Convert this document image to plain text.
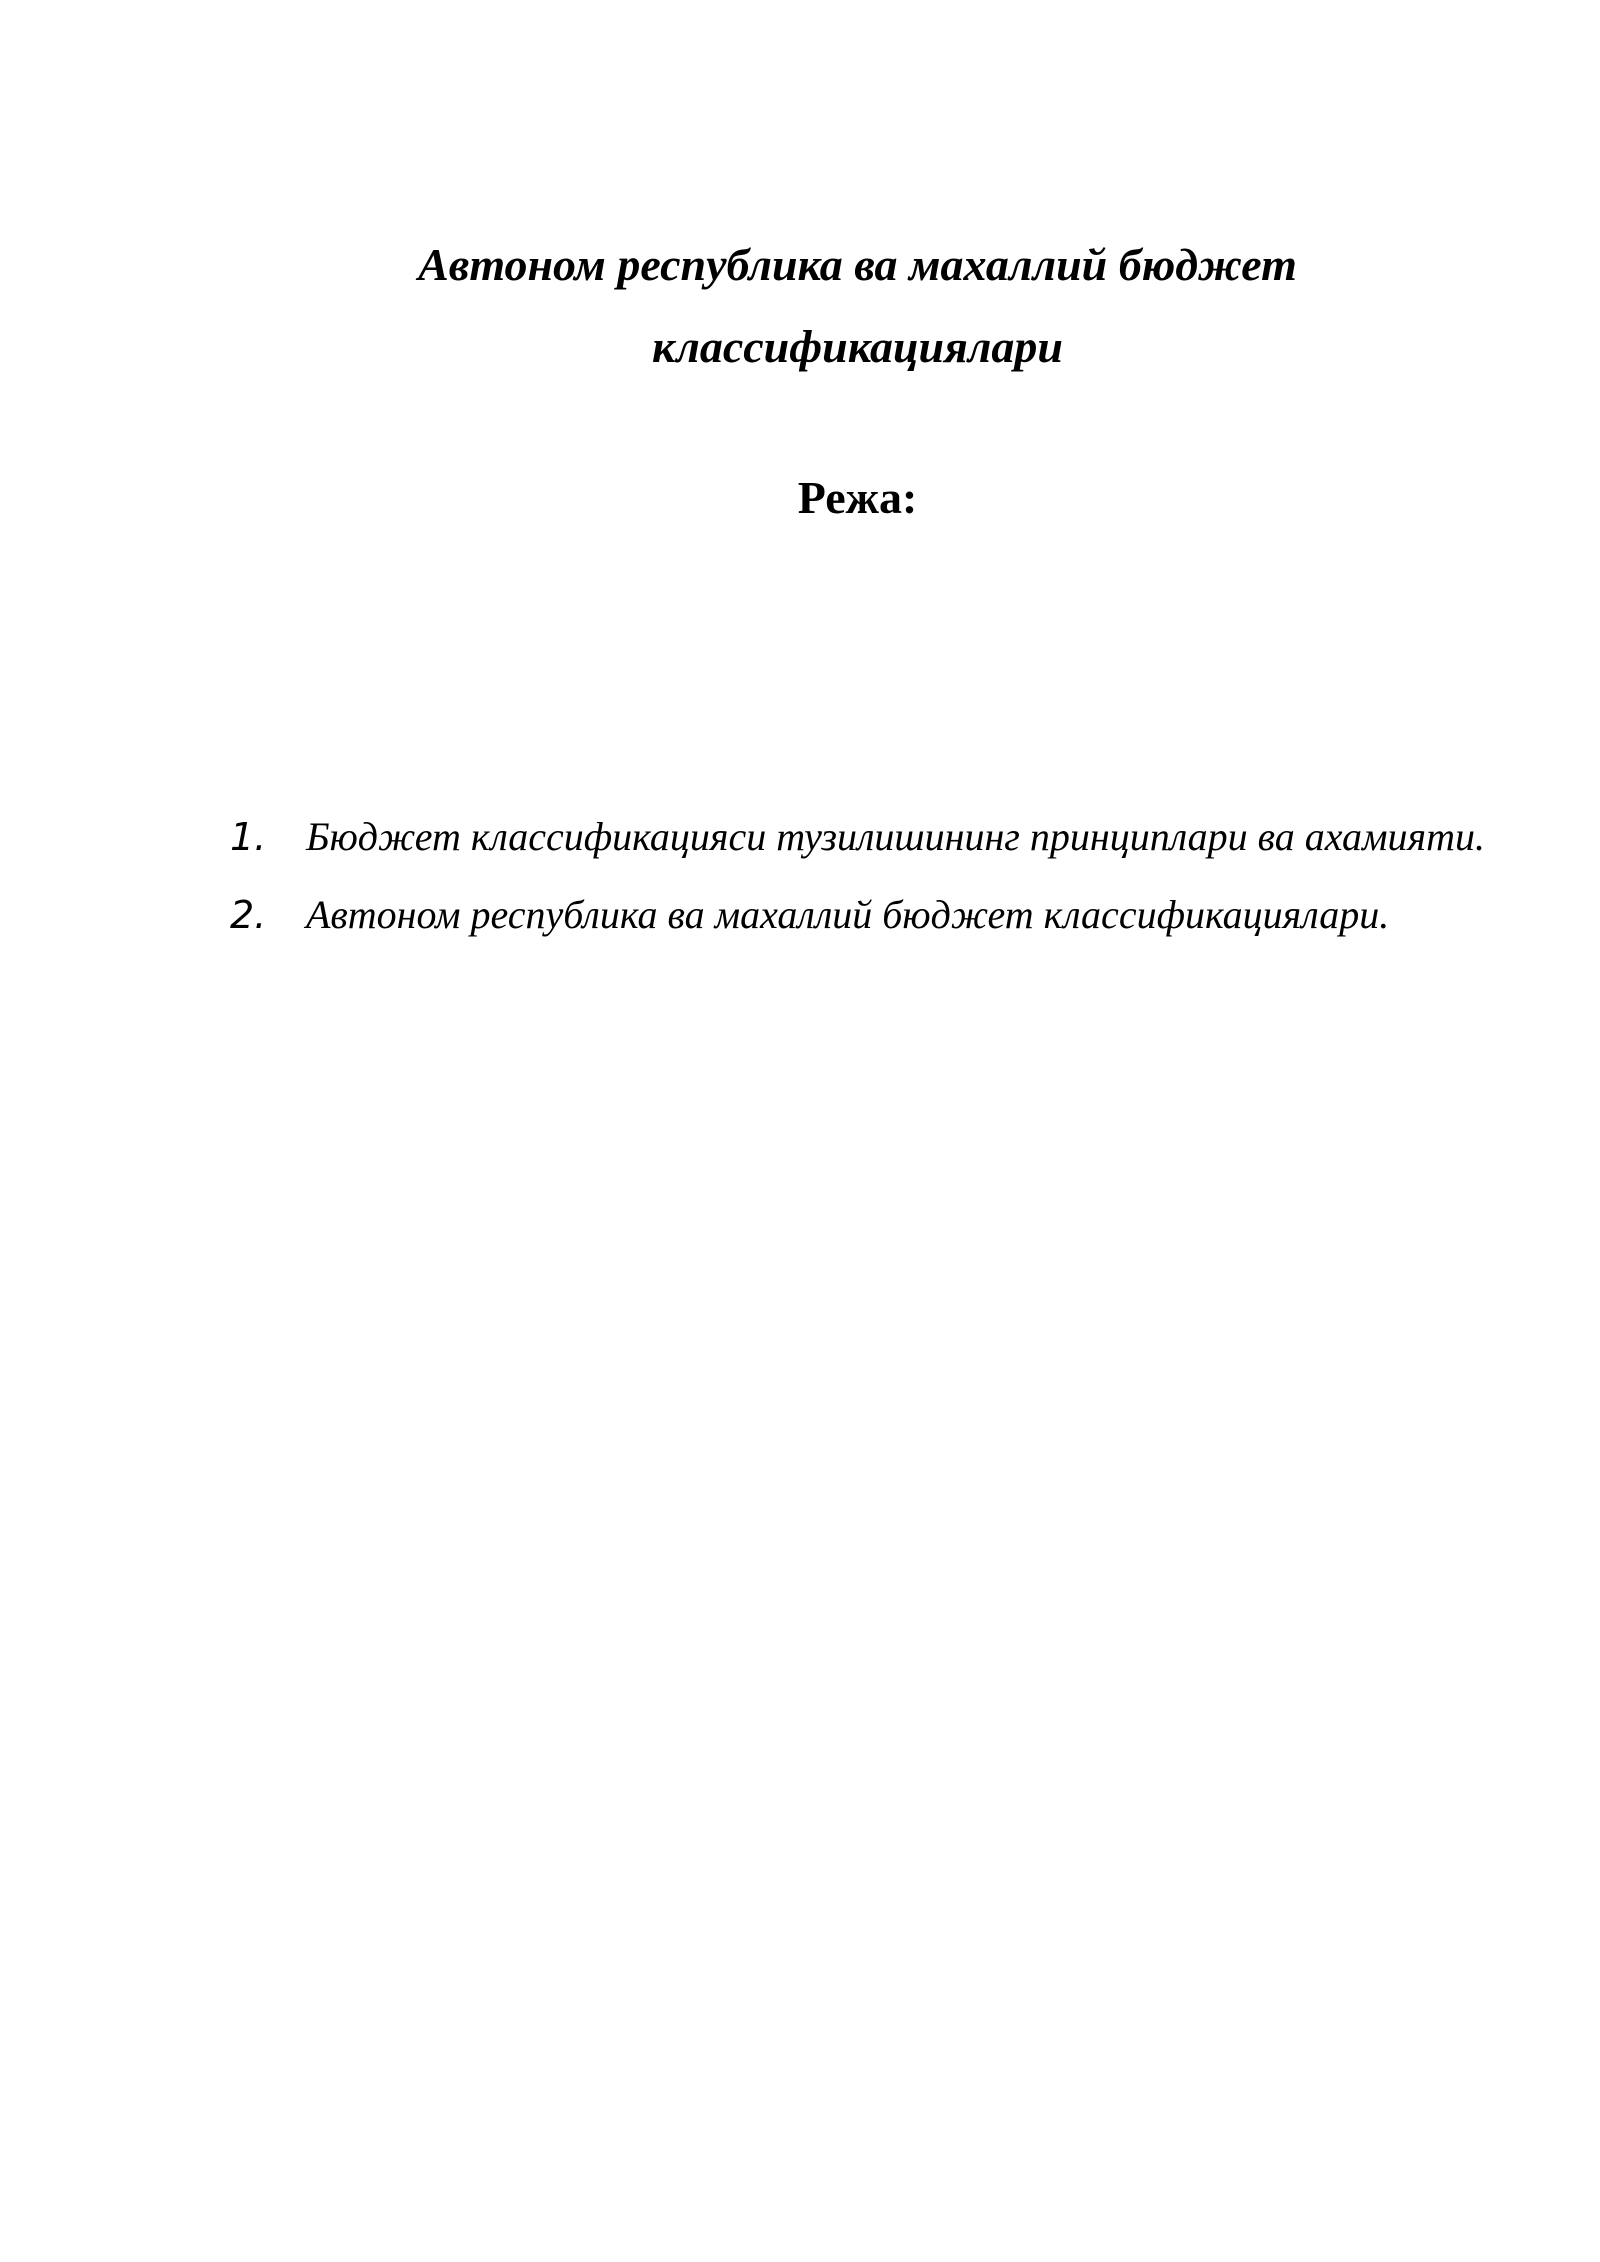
Автоном республика ва махаллий бюджет
классификациялари
Режа:
1. Бюджет классификацияси тузилишининг принциплари ва ахамияти.
2. Автоном республика ва махаллий бюджет классификациялари.
